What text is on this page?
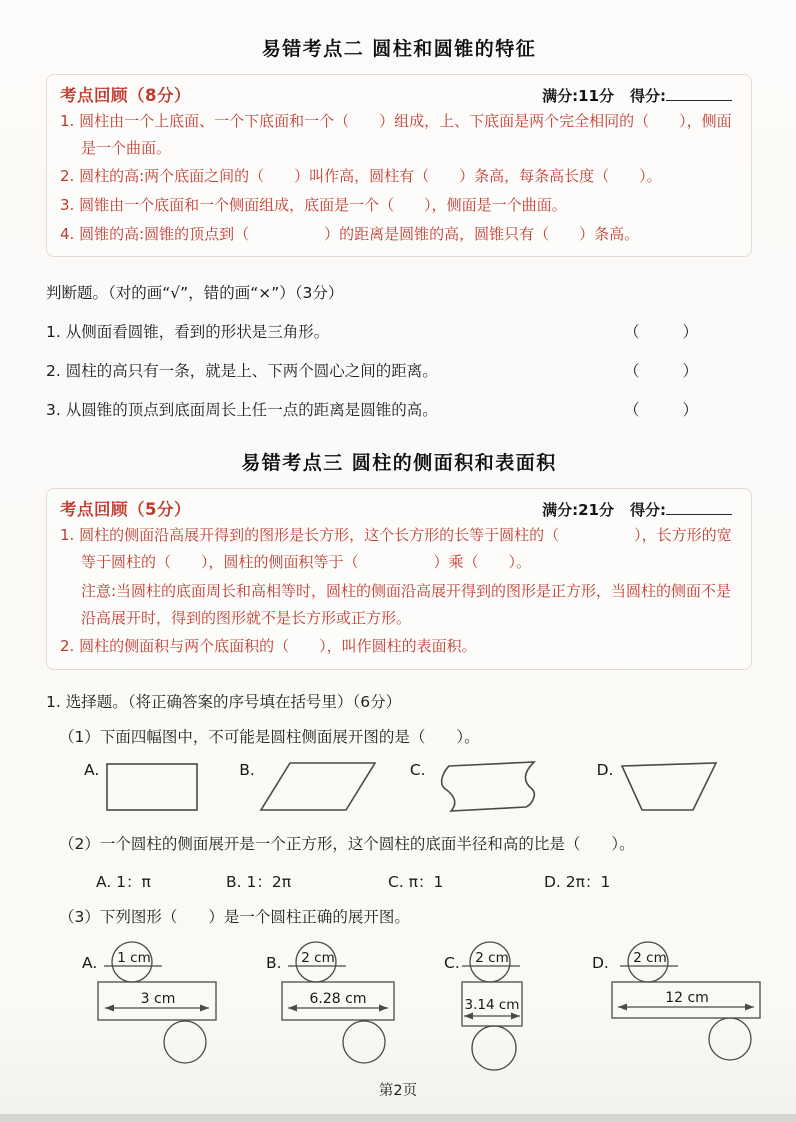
易错考点二 圆柱和圆锥的特征
考点回顾（8分）	满分:11分 得分:

1. 圆柱由一个上底面、一个下底面和一个（　　）组成，上、下底面是两个完全相同的（　　），侧面是一个曲面。

2. 圆柱的高:两个底面之间的（　　）叫作高，圆柱有（　　）条高，每条高长度（　　）。

3. 圆锥由一个底面和一个侧面组成，底面是一个（　　），侧面是一个曲面。

4. 圆锥的高:圆锥的顶点到（　　　　　）的距离是圆锥的高，圆锥只有（　　）条高。

判断题。（对的画“√”，错的画“×”）（3分）

1. 从侧面看圆锥，看到的形状是三角形。	（　　）
2. 圆柱的高只有一条，就是上、下两个圆心之间的距离。	（　　）
3. 从圆锥的顶点到底面周长上任一点的距离是圆锥的高。	（　　）
易错考点三 圆柱的侧面积和表面积
考点回顾（5分）	满分:21分 得分:

1. 圆柱的侧面沿高展开得到的图形是长方形，这个长方形的长等于圆柱的（　　　　　），长方形的宽等于圆柱的（　　），圆柱的侧面积等于（　　　　　）乘（　　）。

注意:当圆柱的底面周长和高相等时，圆柱的侧面沿高展开得到的图形是正方形，当圆柱的侧面不是沿高展开时，得到的图形就不是长方形或正方形。

2. 圆柱的侧面积与两个底面积的（　　），叫作圆柱的表面积。

1. 选择题。（将正确答案的序号填在括号里）（6分）

（1）下面四幅图中，不可能是圆柱侧面展开图的是（　　）。

A.	B.	C.	D.

（2）一个圆柱的侧面展开是一个正方形，这个圆柱的底面半径和高的比是（　　）。

A. 1：π	B. 1：2π	C. π：1	D. 2π：1

（3）下列图形（　　）是一个圆柱正确的展开图。

A. 1 cm
3 cm
B. 2 cm
6.28 cm
C. 2 cm
3.14 cm
D. 2 cm
12 cm
第2页
